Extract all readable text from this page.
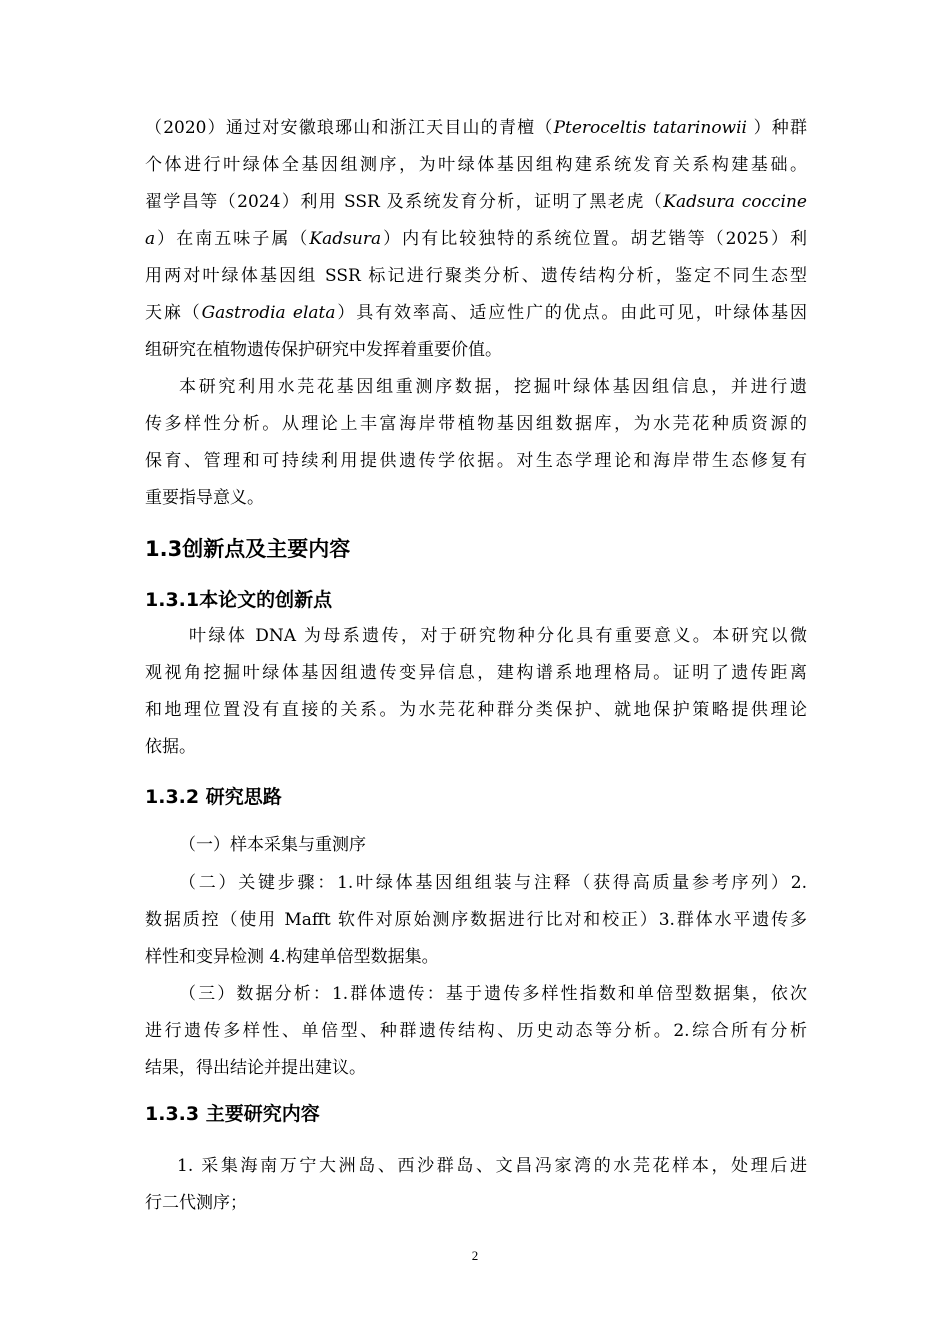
（2020）通过对安徽琅琊山和浙江天目山的青檀（Pteroceltis tatarinowii ）种群
个体进行叶绿体全基因组测序，为叶绿体基因组构建系统发育关系构建基础。
翟学昌等（2024）利用 SSR 及系统发育分析，证明了黑老虎（Kadsura coccine
a）在南五味子属（Kadsura）内有比较独特的系统位置。胡艺锴等（2025）利
用两对叶绿体基因组 SSR 标记进行聚类分析、遗传结构分析，鉴定不同生态型
天麻（Gastrodia elata）具有效率高、适应性广的优点。由此可见，叶绿体基因
组研究在植物遗传保护研究中发挥着重要价值。
本研究利用水芫花基因组重测序数据，挖掘叶绿体基因组信息，并进行遗
传多样性分析。从理论上丰富海岸带植物基因组数据库，为水芫花种质资源的
保育、管理和可持续利用提供遗传学依据。对生态学理论和海岸带生态修复有
重要指导意义。
1.3创新点及主要内容
1.3.1本论文的创新点
叶绿体 DNA 为母系遗传，对于研究物种分化具有重要意义。本研究以微
观视角挖掘叶绿体基因组遗传变异信息，建构谱系地理格局。证明了遗传距离
和地理位置没有直接的关系。为水芫花种群分类保护、就地保护策略提供理论
依据。
1.3.2 研究思路
（一）样本采集与重测序
（二）关键步骤：1.叶绿体基因组组装与注释（获得高质量参考序列）2.
数据质控（使用 Mafft 软件对原始测序数据进行比对和校正）3.群体水平遗传多
样性和变异检测 4.构建单倍型数据集。
（三）数据分析：1.群体遗传：基于遗传多样性指数和单倍型数据集，依次
进行遗传多样性、单倍型、种群遗传结构、历史动态等分析。2.综合所有分析
结果，得出结论并提出建议。
1.3.3 主要研究内容
1. 采集海南万宁大洲岛、西沙群岛、文昌冯家湾的水芫花样本，处理后进
行二代测序；
2
